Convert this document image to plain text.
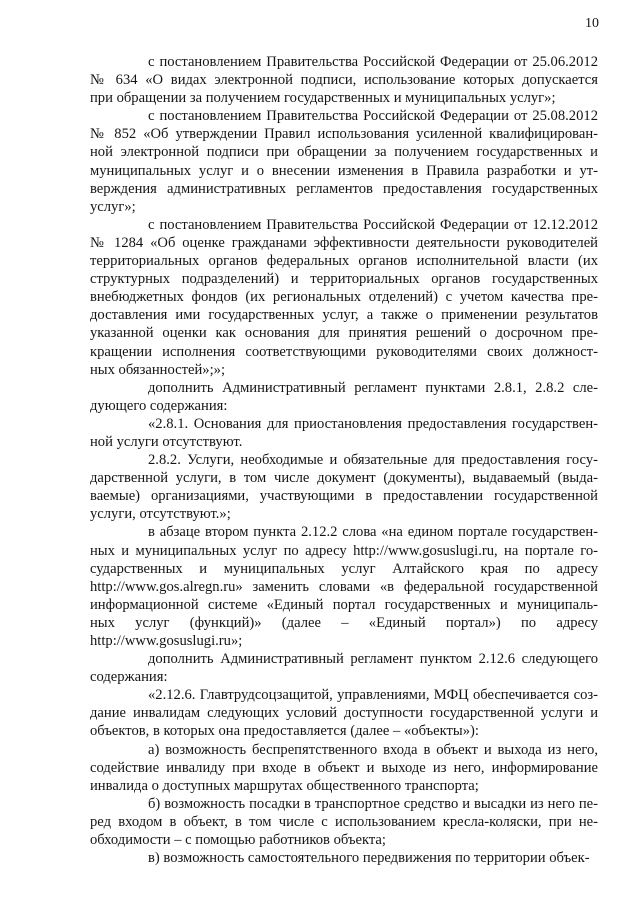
10
с постановлением Правительства Российской Федерации от 25.06.2012
№ 634 «О видах электронной подписи, использование которых допускается
при обращении за получением государственных и муниципальных услуг»;
с постановлением Правительства Российской Федерации от 25.08.2012
№ 852 «Об утверждении Правил использования усиленной квалифицирован-
ной электронной подписи при обращении за получением государственных и
муниципальных услуг и о внесении изменения в Правила разработки и ут-
верждения административных регламентов предоставления государственных
услуг»;
с постановлением Правительства Российской Федерации от 12.12.2012
№ 1284 «Об оценке гражданами эффективности деятельности руководителей
территориальных органов федеральных органов исполнительной власти (их
структурных подразделений) и территориальных органов государственных
внебюджетных фондов (их региональных отделений) с учетом качества пре-
доставления ими государственных услуг, а также о применении результатов
указанной оценки как основания для принятия решений о досрочном пре-
кращении исполнения соответствующими руководителями своих должност-
ных обязанностей»;»;
дополнить Административный регламент пунктами 2.8.1, 2.8.2 сле-
дующего содержания:
«2.8.1. Основания для приостановления предоставления государствен-
ной услуги отсутствуют.
2.8.2. Услуги, необходимые и обязательные для предоставления госу-
дарственной услуги, в том числе документ (документы), выдаваемый (выда-
ваемые) организациями, участвующими в предоставлении государственной
услуги, отсутствуют.»;
в абзаце втором пункта 2.12.2 слова «на едином портале государствен-
ных и муниципальных услуг по адресу http://www.gosuslugi.ru, на портале го-
сударственных и муниципальных услуг Алтайского края по адресу
http://www.gos.alregn.ru» заменить словами «в федеральной государственной
информационной системе «Единый портал государственных и муниципаль-
ных услуг (функций)» (далее – «Единый портал») по адресу
http://www.gosuslugi.ru»;
дополнить Административный регламент пунктом 2.12.6 следующего
содержания:
«2.12.6. Главтрудсоцзащитой, управлениями, МФЦ обеспечивается соз-
дание инвалидам следующих условий доступности государственной услуги и
объектов, в которых она предоставляется (далее – «объекты»):
а) возможность беспрепятственного входа в объект и выхода из него,
содействие инвалиду при входе в объект и выходе из него, информирование
инвалида о доступных маршрутах общественного транспорта;
б) возможность посадки в транспортное средство и высадки из него пе-
ред входом в объект, в том числе с использованием кресла-коляски, при не-
обходимости – с помощью работников объекта;
в) возможность самостоятельного передвижения по территории объек-
